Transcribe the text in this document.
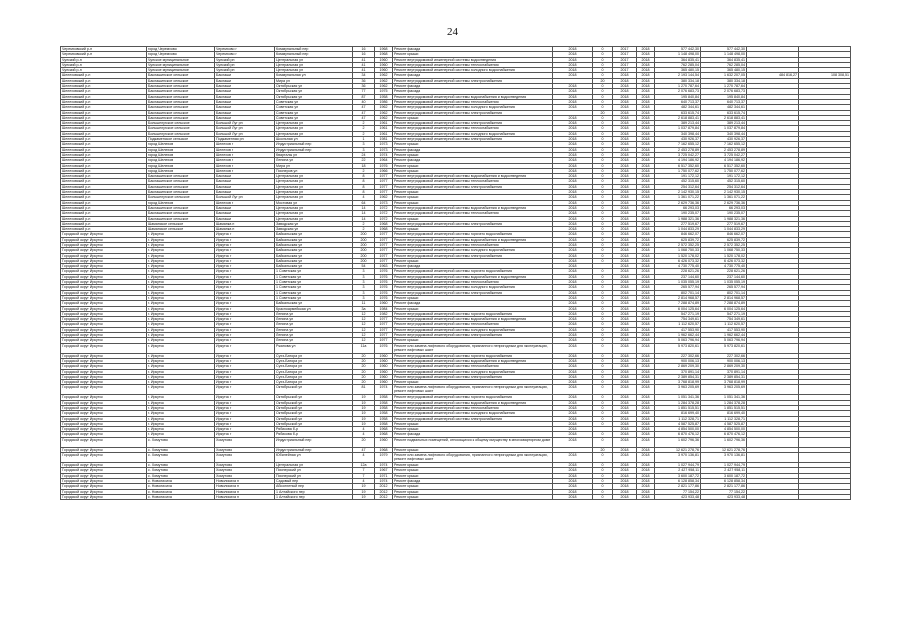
24
Черемховский р-н	город Черемхово	Черемхово г	Коммунальный пер	16	1968	Ремонт фасада	2018	0	2017	2018	577 442,30	577 442,30		
Черемховский р-н	город Черемхово	Черемхово г	Коммунальный пер	16	1968	Ремонт крыши	2018	0	2017	2018	1 148 498,00	1 148 498,00		
Чунский р-н	Чунское муниципальное	Чунский рп	Центральная ул	41	1960	Ремонт внутридомовой инженерной системы водоотведения	2018	0	2017	2018	364 835,41	364 835,41		
Чунский р-н	Чунское муниципальное	Чунский рп	Центральная ул	41	1960	Ремонт внутридомовой инженерной системы теплоснабжения	2018	0	2017	2018	762 285,04	762 285,04		
Чунский р-н	Чунское муниципальное	Чунский рп	Центральная ул	41	1960	Ремонт внутридомовой инженерной системы холодного водоснабжения	2018	0	2017	2018	365 480,15	365 480,15		
Шелеховский р-н	Баклашинское сельское	Баклаши	Коммунальная ул	34	1962	Ремонт фасада	2018	0	2018	2018	2 193 144,54	1 632 207,05	484 816,27	108 308,51
Шелеховский р-н	Баклашинское сельское	Баклаши	Мира ул	36	1962	Ремонт внутридомовой инженерной системы электроснабжения		20	2018	2018	380 334,18	380 334,18		
Шелеховский р-н	Баклашинское сельское	Баклаши	Октябрьская ул	36	1962	Ремонт фасада	2018	0	2018	2018	1 270 787,64	1 270 787,64		
Шелеховский р-н	Баклашинское сельское	Баклаши	Октябрьская ул	77	1975	Ремонт фасада	2018	0	2018	2018	2 076 683,73	2 076 683,73		
Шелеховский р-н	Баклашинское сельское	Баклаши	Октябрьская ул	87	1958	Ремонт внутридомовой инженерной системы водоснабжения и водоотведения	2018	0	2018	2018	195 840,84	195 840,84		
Шелеховский р-н	Баклашинское сельское	Баклаши	Советская ул	40	1986	Ремонт внутридомовой инженерной системы теплоснабжения	2018	0	2018	2018	640 713,37	640 713,37		
Шелеховский р-н	Баклашинское сельское	Баклаши	Советская ул	47	1962	Ремонт внутридомовой инженерной системы холодного водоснабжения	2018	0	2018	2018	482 344,61	482 344,61		
Шелеховский р-н	Баклашинское сельское	Баклаши	Советская ул	47	1962	Ремонт внутридомовой инженерной системы электроснабжения		20	2018	2018	633 615,74	633 615,74		
Шелеховский р-н	Баклашинское сельское	Баклаши	Советская ул	47	1962	Ремонт крыши	2018	0	2018	2018	2 618 883,41	2 618 883,41		
Шелеховский р-н	Большелугское сельское	Большой Луг рп	Центральная ул	2	1961	Ремонт внутридомовой инженерной системы электроснабжения	2018	0	2018	2018	389 213,44	389 213,44		
Шелеховский р-н	Большелугское сельское	Большой Луг рп	Центральная ул	2	1961	Ремонт внутридомовой инженерной системы теплоснабжения	2018	0	2018	2018	1 037 879,84	1 037 879,84		
Шелеховский р-н	Большелугское сельское	Большой Луг рп	Центральная ул	2	1961	Ремонт внутридомовой инженерной системы холодного водоснабжения	2018	0	2018	2018	340 398,44	340 398,44		
Шелеховский р-н	Подкаменское сельское	Подкаменная рп	Школьная ул	1	1981	Ремонт внутридомовой инженерной системы электроснабжения	2018	0	2018	2018	430 926,37	430 926,37		
Шелеховский р-н	город Шелехов	Шелехов г	Индустриальный пер	3	1973	Ремонт крыши	2018	0	2018	2018	7 162 655,12	7 162 655,12		
Шелеховский р-н	город Шелехов	Шелехов г	Индустриальный пер	3	1973	Ремонт фасада	2018	0	2018	2018	2 453 278,89	2 453 278,89		
Шелеховский р-н	город Шелехов	Шелехов г	Кварталы ул	24	1974	Ремонт крыши	2018	0	2018	2018	3 725 042,27	3 725 042,27		
Шелеховский р-н	город Шелехов	Шелехов г	Ленина ул	22	1964	Ремонт фасада	2018	0	2018	2018	4 194 186,92	4 194 186,92		
Шелеховский р-н	город Шелехов	Шелехов г	Мира ул	18	1976	Ремонт крыши	2018	0	2018	2018	6 517 352,60	6 517 352,60		
Шелеховский р-н	город Шелехов	Шелехов г	Пионеров ул	2	1966	Ремонт крыши	2018	0	2018	2018	1 750 077,62	1 750 077,62		
Шелеховский р-н	Баклашинское сельское	Баклаши	Центральная ул	8	1977	Ремонт внутридомовой инженерной системы водоснабжения и водоотведения	2018	0	2018	2018	191 172,12	191 172,12		
Шелеховский р-н	Баклашинское сельское	Баклаши	Центральная ул	8	1977	Ремонт внутридомовой инженерной системы теплоснабжения	2018	0	2018	2018	452 315,60	452 315,60		
Шелеховский р-н	Баклашинское сельское	Баклаши	Центральная ул	8	1977	Ремонт внутридомовой инженерной системы электроснабжения	2018	0	2018	2018	254 312,64	254 312,64		
Шелеховский р-н	Баклашинское сельское	Баклаши	Центральная ул	8	1977	Ремонт крыши	2018	0	2018	2018	2 142 930,15	2 142 930,15		
Шелеховский р-н	Большелугское сельское	Большой Луг рп	Центральная ул	4	1962	Ремонт крыши	2018	0	2018	2018	1 361 071,22	1 361 071,22		
Шелеховский р-н	город Шелехов	Шелехов г	Мостовая ул	64	1973	Ремонт крыши	2018	0	2018	2018	2 629 736,36	2 629 736,36		
Шелеховский р-н	Баклашинское сельское	Баклаши	Центральная ул	14	1972	Ремонт внутридомовой инженерной системы водоснабжения и водоотведения	2018	0	2018	2018	66 293,03	66 293,03		
Шелеховский р-н	Баклашинское сельское	Баклаши	Центральная ул	14	1972	Ремонт внутридомовой инженерной системы теплоснабжения	2018	0	2018	2018	190 235,07	190 235,07		
Шелеховский р-н	Баклашинское сельское	Баклаши	Центральная ул	14	1972	Ремонт крыши	2018	0	2018	2018	1 988 321,36	1 988 321,36		
Шелеховский р-н	Шаманское сельское	Шаманка п	Заводская ул	2	1968	Ремонт внутридомовой инженерной системы электроснабжения	2018	0	2018	2018	277 519,67	277 519,67		
Шелеховский р-н	Шаманское сельское	Шаманка п	Заводская ул	2	1968	Ремонт крыши	2018	0	2018	2018	1 044 833,29	1 044 833,29		
Городской округ Иркутск	г. Иркутск	Иркутск г	Байкальская ул	200	1977	Ремонт внутридомовой инженерной системы горячего водоснабжения	2018	0	2018	2018	846 662,07	846 662,07		
Городской округ Иркутск	г. Иркутск	Иркутск г	Байкальская ул	200	1977	Ремонт внутридомовой инженерной системы водоснабжения и водоотведения	2018	0	2018	2018	625 839,72	625 839,72		
Городской округ Иркутск	г. Иркутск	Иркутск г	Байкальская ул	200	1977	Ремонт внутридомовой инженерной системы теплоснабжения	2018	0	2018	2018	2 572 352,25	2 572 352,25		
Городской округ Иркутск	г. Иркутск	Иркутск г	Байкальская ул	200	1977	Ремонт внутридомовой инженерной системы холодного водоснабжения	2018	0	2018	2018	1 068 750,33	1 068 750,33		
Городской округ Иркутск	г. Иркутск	Иркутск г	Байкальская ул	200	1977	Ремонт внутридомовой инженерной системы электроснабжения	2018	0	2018	2018	1 520 178,02	1 520 178,02		
Городской округ Иркутск	г. Иркутск	Иркутск г	Байкальская ул	200	1977	Ремонт крыши	2018	0	2018	2018	6 426 073,32	6 426 073,32		
Городской округ Иркутск	г. Иркутск	Иркутск г	Байкальская ул	54	1963	Ремонт фасада	2018		2018	2018	4 730 775,40	4 730 775,40		
Городской округ Иркутск	г. Иркутск	Иркутск г	1 Советская ул	3	1976	Ремонт внутридомовой инженерной системы горячего водоснабжения	2018	0	2018	2018	228 621,26	228 621,26		
Городской округ Иркутск	г. Иркутск	Иркутск г	1 Советская ул	3	1976	Ремонт внутридомовой инженерной системы водоснабжения и водоотведения	2018	0	2018	2018	237 144,60	237 144,60		
Городской округ Иркутск	г. Иркутск	Иркутск г	1 Советская ул	3	1976	Ремонт внутридомовой инженерной системы теплоснабжения	2018	0	2018	2018	1 035 055,19	1 035 055,19		
Городской округ Иркутск	г. Иркутск	Иркутск г	1 Советская ул	3	1976	Ремонт внутридомовой инженерной системы холодного водоснабжения	2018	0	2018	2018	265 577,94	265 577,94		
Городской округ Иркутск	г. Иркутск	Иркутск г	1 Советская ул	3	1976	Ремонт внутридомовой инженерной системы электроснабжения	2018	0	2018	2018	802 701,14	802 701,14		
Городской округ Иркутск	г. Иркутск	Иркутск г	1 Советская ул	3	1976	Ремонт крыши	2018	0	2018	2018	2 814 968,57	2 814 968,57		
Городской округ Иркутск	г. Иркутск	Иркутск г	Байкальская ул	11	1960	Ремонт фасада	2018	0	2018	2018	7 288 874,89	7 288 874,89		
Городской округ Иркутск	г. Иркутск	Иркутск г	Красноармейская ул	3а	1984	Ремонт крыши	2018	0	2018	2018	6 004 125,64	6 004 125,64		
Городской округ Иркутск	г. Иркутск	Иркутск г	Ленина ул	12	1982	Ремонт внутридомовой инженерной системы горячего водоснабжения	2018	0	2018	2018	547 271,19	547 271,19		
Городской округ Иркутск	г. Иркутск	Иркутск г	Ленина ул	12	1977	Ремонт внутридомовой инженерной системы водоснабжения и водоотведения	2018	0	2018	2018	754 349,61	754 349,61		
Городской округ Иркутск	г. Иркутск	Иркутск г	Ленина ул	12	1977	Ремонт внутридомовой инженерной системы теплоснабжения	2018	0	2018	2018	1 112 620,57	1 112 620,57		
Городской округ Иркутск	г. Иркутск	Иркутск г	Ленина ул	12	1977	Ремонт внутридомовой инженерной системы холодного водоснабжения	2018	0	2018	2018	417 553,90	417 553,90		
Городской округ Иркутск	г. Иркутск	Иркутск г	Ленина ул	12	1977	Ремонт внутридомовой инженерной системы электроснабжения	2018	0	2018	2018	1 962 662,44	1 962 662,44		
Городской округ Иркутск	г. Иркутск	Иркутск г	Ленина ул	12	1977	Ремонт крыши	2018	0	2018	2018	5 063 796,94	5 063 796,94		
Городской округ Иркутск	г. Иркутск	Иркутск г	Ржанова ул	11а	1976	Ремонт или замена лифтового оборудования, признанного непригодным для эксплуатации, ремонт лифтовых шахт	2018	0	2018	2018	5 973 820,61	5 973 820,61		
Городской округ Иркутск	г. Иркутск	Иркутск г	Сухэ-Батора ул	20	1960	Ремонт внутридомовой инженерной системы горячего водоснабжения	2018	0	2018	2018	227 302,66	227 302,66		
Городской округ Иркутск	г. Иркутск	Иркутск г	Сухэ-Батора ул	20	1960	Ремонт внутридомовой инженерной системы водоснабжения и водоотведения	2018	0	2018	2018	900 006,13	900 006,13		
Городской округ Иркутск	г. Иркутск	Иркутск г	Сухэ-Батора ул	20	1960	Ремонт внутридомовой инженерной системы теплоснабжения	2018	0	2018	2018	2 869 209,30	2 869 209,30		
Городской округ Иркутск	г. Иркутск	Иркутск г	Сухэ-Батора ул	20	1960	Ремонт внутридомовой инженерной системы холодного водоснабжения	2018	0	2018	2018	370 891,14	370 891,14		
Городской округ Иркутск	г. Иркутск	Иркутск г	Сухэ-Батора ул	20	1960	Ремонт внутридомовой инженерной системы электроснабжения	2018	0	2018	2018	2 389 854,31	2 389 854,31		
Городской округ Иркутск	г. Иркутск	Иркутск г	Сухэ-Батора ул	20	1960	Ремонт крыши	2018	0	2018	2018	3 768 818,99	3 768 818,99		
Городской округ Иркутск	г. Иркутск	Иркутск г	Октябрьской ул	81	1974	Ремонт или замена лифтового оборудования, признанного непригодным для эксплуатации, ремонт лифтовых шахт	2018	0	2018	2018	3 963 205,69	3 963 205,69		
Городской округ Иркутск	г. Иркутск	Иркутск г	Октябрьской ул	19	1958	Ремонт внутридомовой инженерной системы горячего водоснабжения	2018	0	2018	2018	1 051 341,36	1 051 341,36		
Городской округ Иркутск	г. Иркутск	Иркутск г	Октябрьской ул	19	1958	Ремонт внутридомовой инженерной системы водоснабжения и водоотведения	2018	0	2018	2018	1 284 378,28	1 284 378,28		
Городской округ Иркутск	г. Иркутск	Иркутск г	Октябрьской ул	19	1958	Ремонт внутридомовой инженерной системы теплоснабжения	2018	0	2018	2018	1 851 515,51	1 851 515,51		
Городской округ Иркутск	г. Иркутск	Иркутск г	Октябрьской ул	19	1958	Ремонт внутридомовой инженерной системы холодного водоснабжения	2018	0	2018	2018	816 699,40	816 699,40		
Городской округ Иркутск	г. Иркутск	Иркутск г	Октябрьской ул	19	1958	Ремонт внутридомовой инженерной системы электроснабжения	2018	0	2018	2018	1 112 328,71	1 112 328,71		
Городской округ Иркутск	г. Иркутск	Иркутск г	Октябрьской ул	19	1958	Ремонт крыши	2018	0	2018	2018	4 587 525,87	4 587 525,87		
Городской округ Иркутск	г. Иркутск	Иркутск г	Рябикова б-р	4	1968	Ремонт крыши	2018		2018	2018	4 854 500,00	4 854 500,00		
Городской округ Иркутск	г. Иркутск	Иркутск г	Рябикова б-р	4	1968	Ремонт фасада	2018	0	2018	2018	6 870 476,12	6 870 476,12		
Городской округ Иркутск	с. Хомутово	Хомутово	Индустриальный пер	20	1960	Ремонт подвальных помещений, относящихся к общему имуществу в многоквартирном доме	2018	0	2018	2018	1 602 796,36	1 602 796,36		
Городской округ Иркутск	с. Хомутово	Хомутово	Индустриальный пер	47	1968	Ремонт крыши		20	2018	2018	12 621 278,76	12 621 278,76		
Городской округ Иркутск	с. Хомутово	Хомутово	Юбилейная ул	4	1979	Ремонт или замена лифтового оборудования, признанного непригодным для эксплуатации, ремонт лифтовых шахт	2018	0	2018	2018	3 970 136,81	3 970 136,81		
Городской округ Иркутск	с. Хомутово	Хомутово	Центральная ул	12а	1974	Ремонт крыши	2018	0	2018	2018	1 027 944,79	1 027 944,79		
Городской округ Иркутск	с. Хомутово	Хомутово	Пионерский ул	7	1967	Ремонт крыши	2018	0	2018	2018	2 427 958,11	2 427 958,11		
Городской округ Иркутск	с. Хомутово	Хомутово	Пионерский ул	7	1971	Ремонт крыши	2018	0	2018	2018	3 600 187,72	3 600 187,72		
Городской округ Иркутск	с. Новолисиха	Новолисиха п	Садовый пер	4	1974	Ремонт фасада	2018	0	2018	2018	6 128 858,34	6 128 858,34		
Городской округ Иркутск	с. Новолисиха	Новолисиха п	Абсолютный пер	19	2012	Ремонт крыши	2018	0	2018	2018	2 821 177,86	2 821 177,86		
Городской округ Иркутск	с. Новолисиха	Новолисиха п	1 Алтайского пер	19	2012	Ремонт крыши	2018	0	2018	2018	77 154,22	77 154,22		
Городской округ Иркутск	с. Новолисиха	Новолисиха п	1 Алтайского пер	19	2012	Ремонт крыши	2018	0	2018	2018	423 933,48	423 933,48		
